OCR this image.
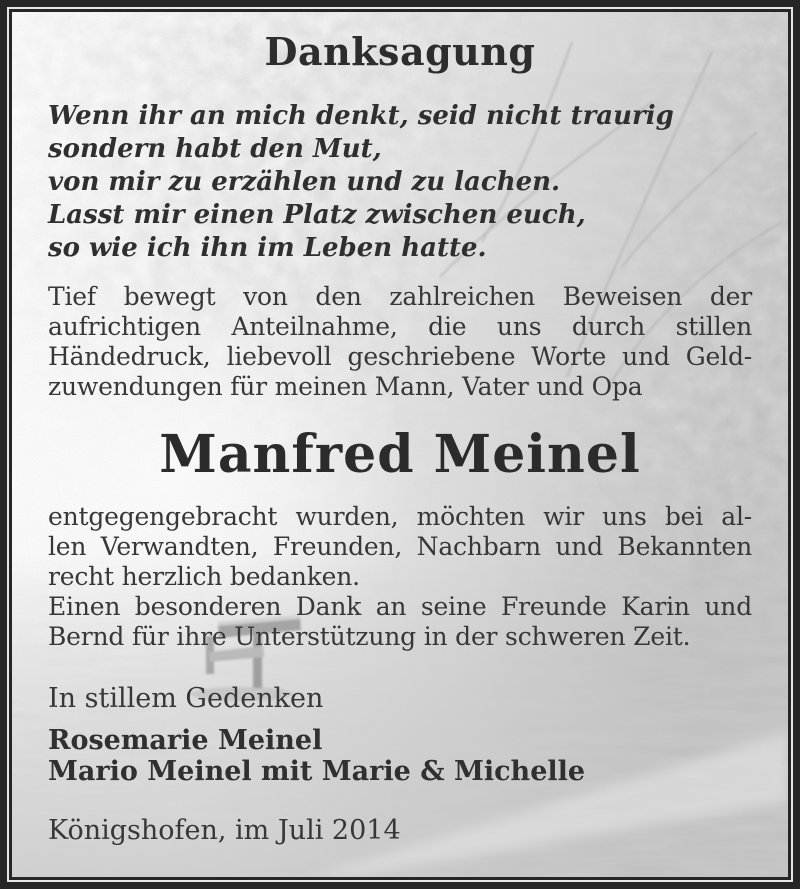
Danksagung
Wenn ihr an mich denkt, seid nicht traurig
sondern habt den Mut,
von mir zu erzählen und zu lachen.
Lasst mir einen Platz zwischen euch,
so wie ich ihn im Leben hatte.
Tief bewegt von den zahlreichen Beweisen der
aufrichtigen Anteilnahme, die uns durch stillen
Händedruck, liebevoll geschriebene Worte und Geld-
zuwendungen für meinen Mann, Vater und Opa
Manfred Meinel
entgegengebracht wurden, möchten wir uns bei al-
len Verwandten, Freunden, Nachbarn und Bekannten
recht herzlich bedanken.
Einen besonderen Dank an seine Freunde Karin und
Bernd für ihre Unterstützung in der schweren Zeit.
In stillem Gedenken
Rosemarie Meinel
Mario Meinel mit Marie & Michelle
Königshofen, im Juli 2014
